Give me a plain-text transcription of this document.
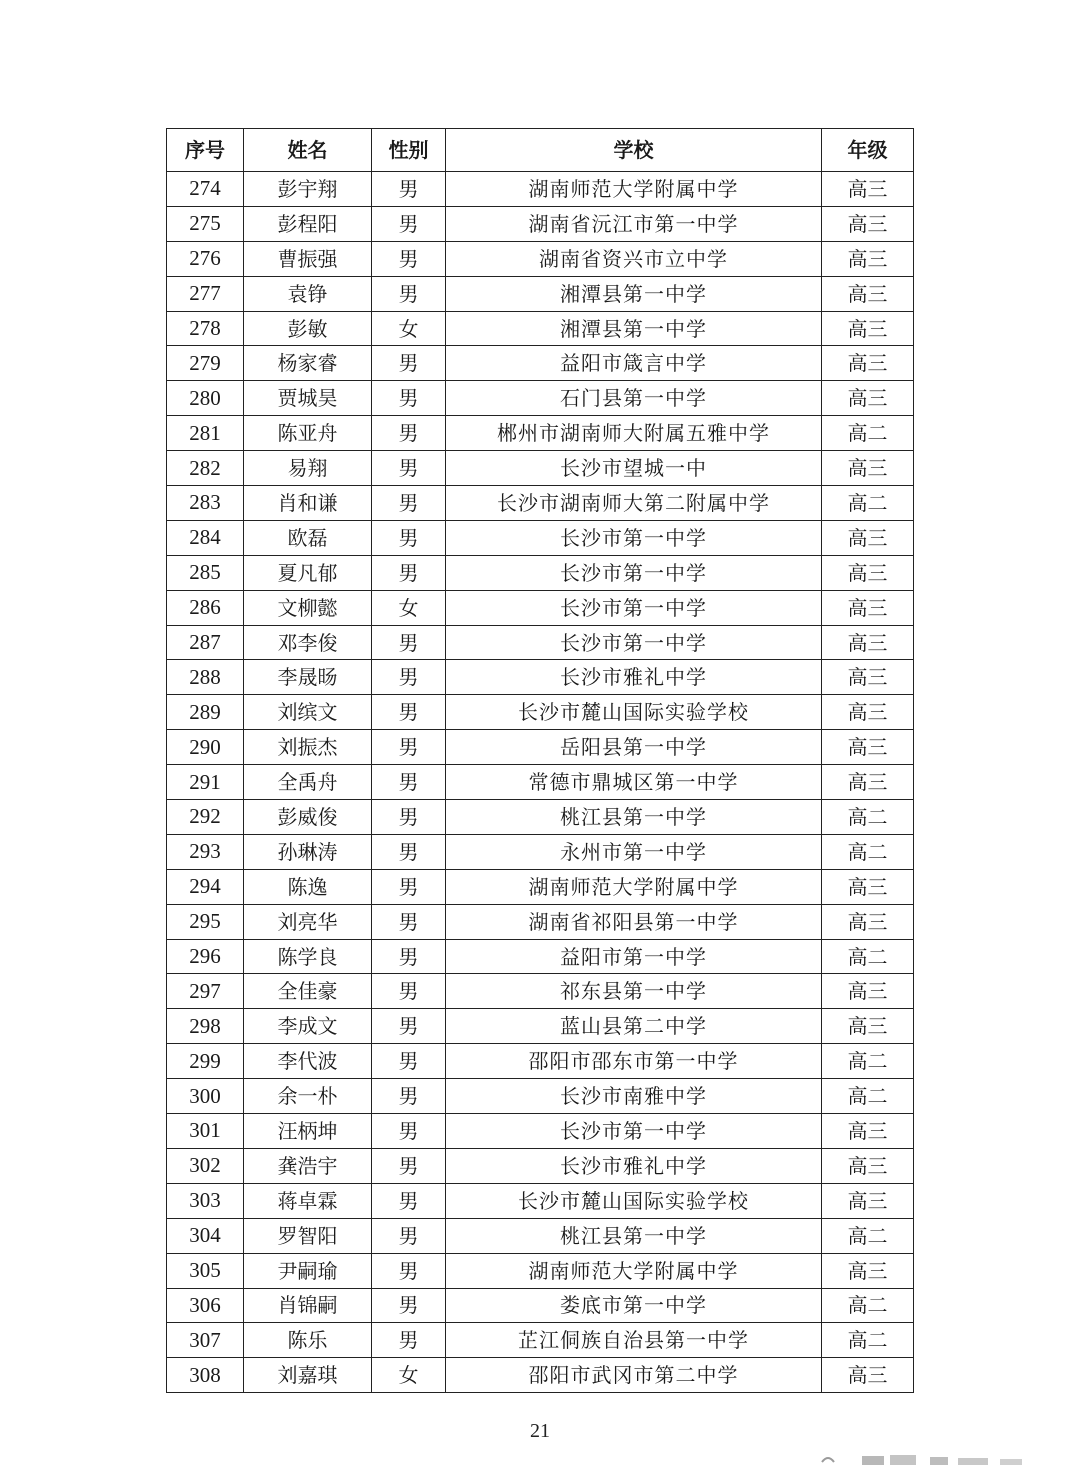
序号	姓名	性别	学校	年级
274	彭宇翔	男	湖南师范大学附属中学	高三
275	彭程阳	男	湖南省沅江市第一中学	高三
276	曹振强	男	湖南省资兴市立中学	高三
277	袁铮	男	湘潭县第一中学	高三
278	彭敏	女	湘潭县第一中学	高三
279	杨家睿	男	益阳市箴言中学	高三
280	贾城昊	男	石门县第一中学	高三
281	陈亚舟	男	郴州市湖南师大附属五雅中学	高二
282	易翔	男	长沙市望城一中	高三
283	肖和谦	男	长沙市湖南师大第二附属中学	高二
284	欧磊	男	长沙市第一中学	高三
285	夏凡郁	男	长沙市第一中学	高三
286	文柳懿	女	长沙市第一中学	高三
287	邓李俊	男	长沙市第一中学	高三
288	李晟旸	男	长沙市雅礼中学	高三
289	刘缤文	男	长沙市麓山国际实验学校	高三
290	刘振杰	男	岳阳县第一中学	高三
291	全禹舟	男	常德市鼎城区第一中学	高三
292	彭威俊	男	桃江县第一中学	高二
293	孙琳涛	男	永州市第一中学	高二
294	陈逸	男	湖南师范大学附属中学	高三
295	刘亮华	男	湖南省祁阳县第一中学	高三
296	陈学良	男	益阳市第一中学	高二
297	全佳豪	男	祁东县第一中学	高三
298	李成文	男	蓝山县第二中学	高三
299	李代波	男	邵阳市邵东市第一中学	高二
300	余一朴	男	长沙市南雅中学	高二
301	汪柄坤	男	长沙市第一中学	高三
302	龚浩宇	男	长沙市雅礼中学	高三
303	蒋卓霖	男	长沙市麓山国际实验学校	高三
304	罗智阳	男	桃江县第一中学	高二
305	尹嗣瑜	男	湖南师范大学附属中学	高三
306	肖锦嗣	男	娄底市第一中学	高二
307	陈乐	男	芷江侗族自治县第一中学	高二
308	刘嘉琪	女	邵阳市武冈市第二中学	高三
21
